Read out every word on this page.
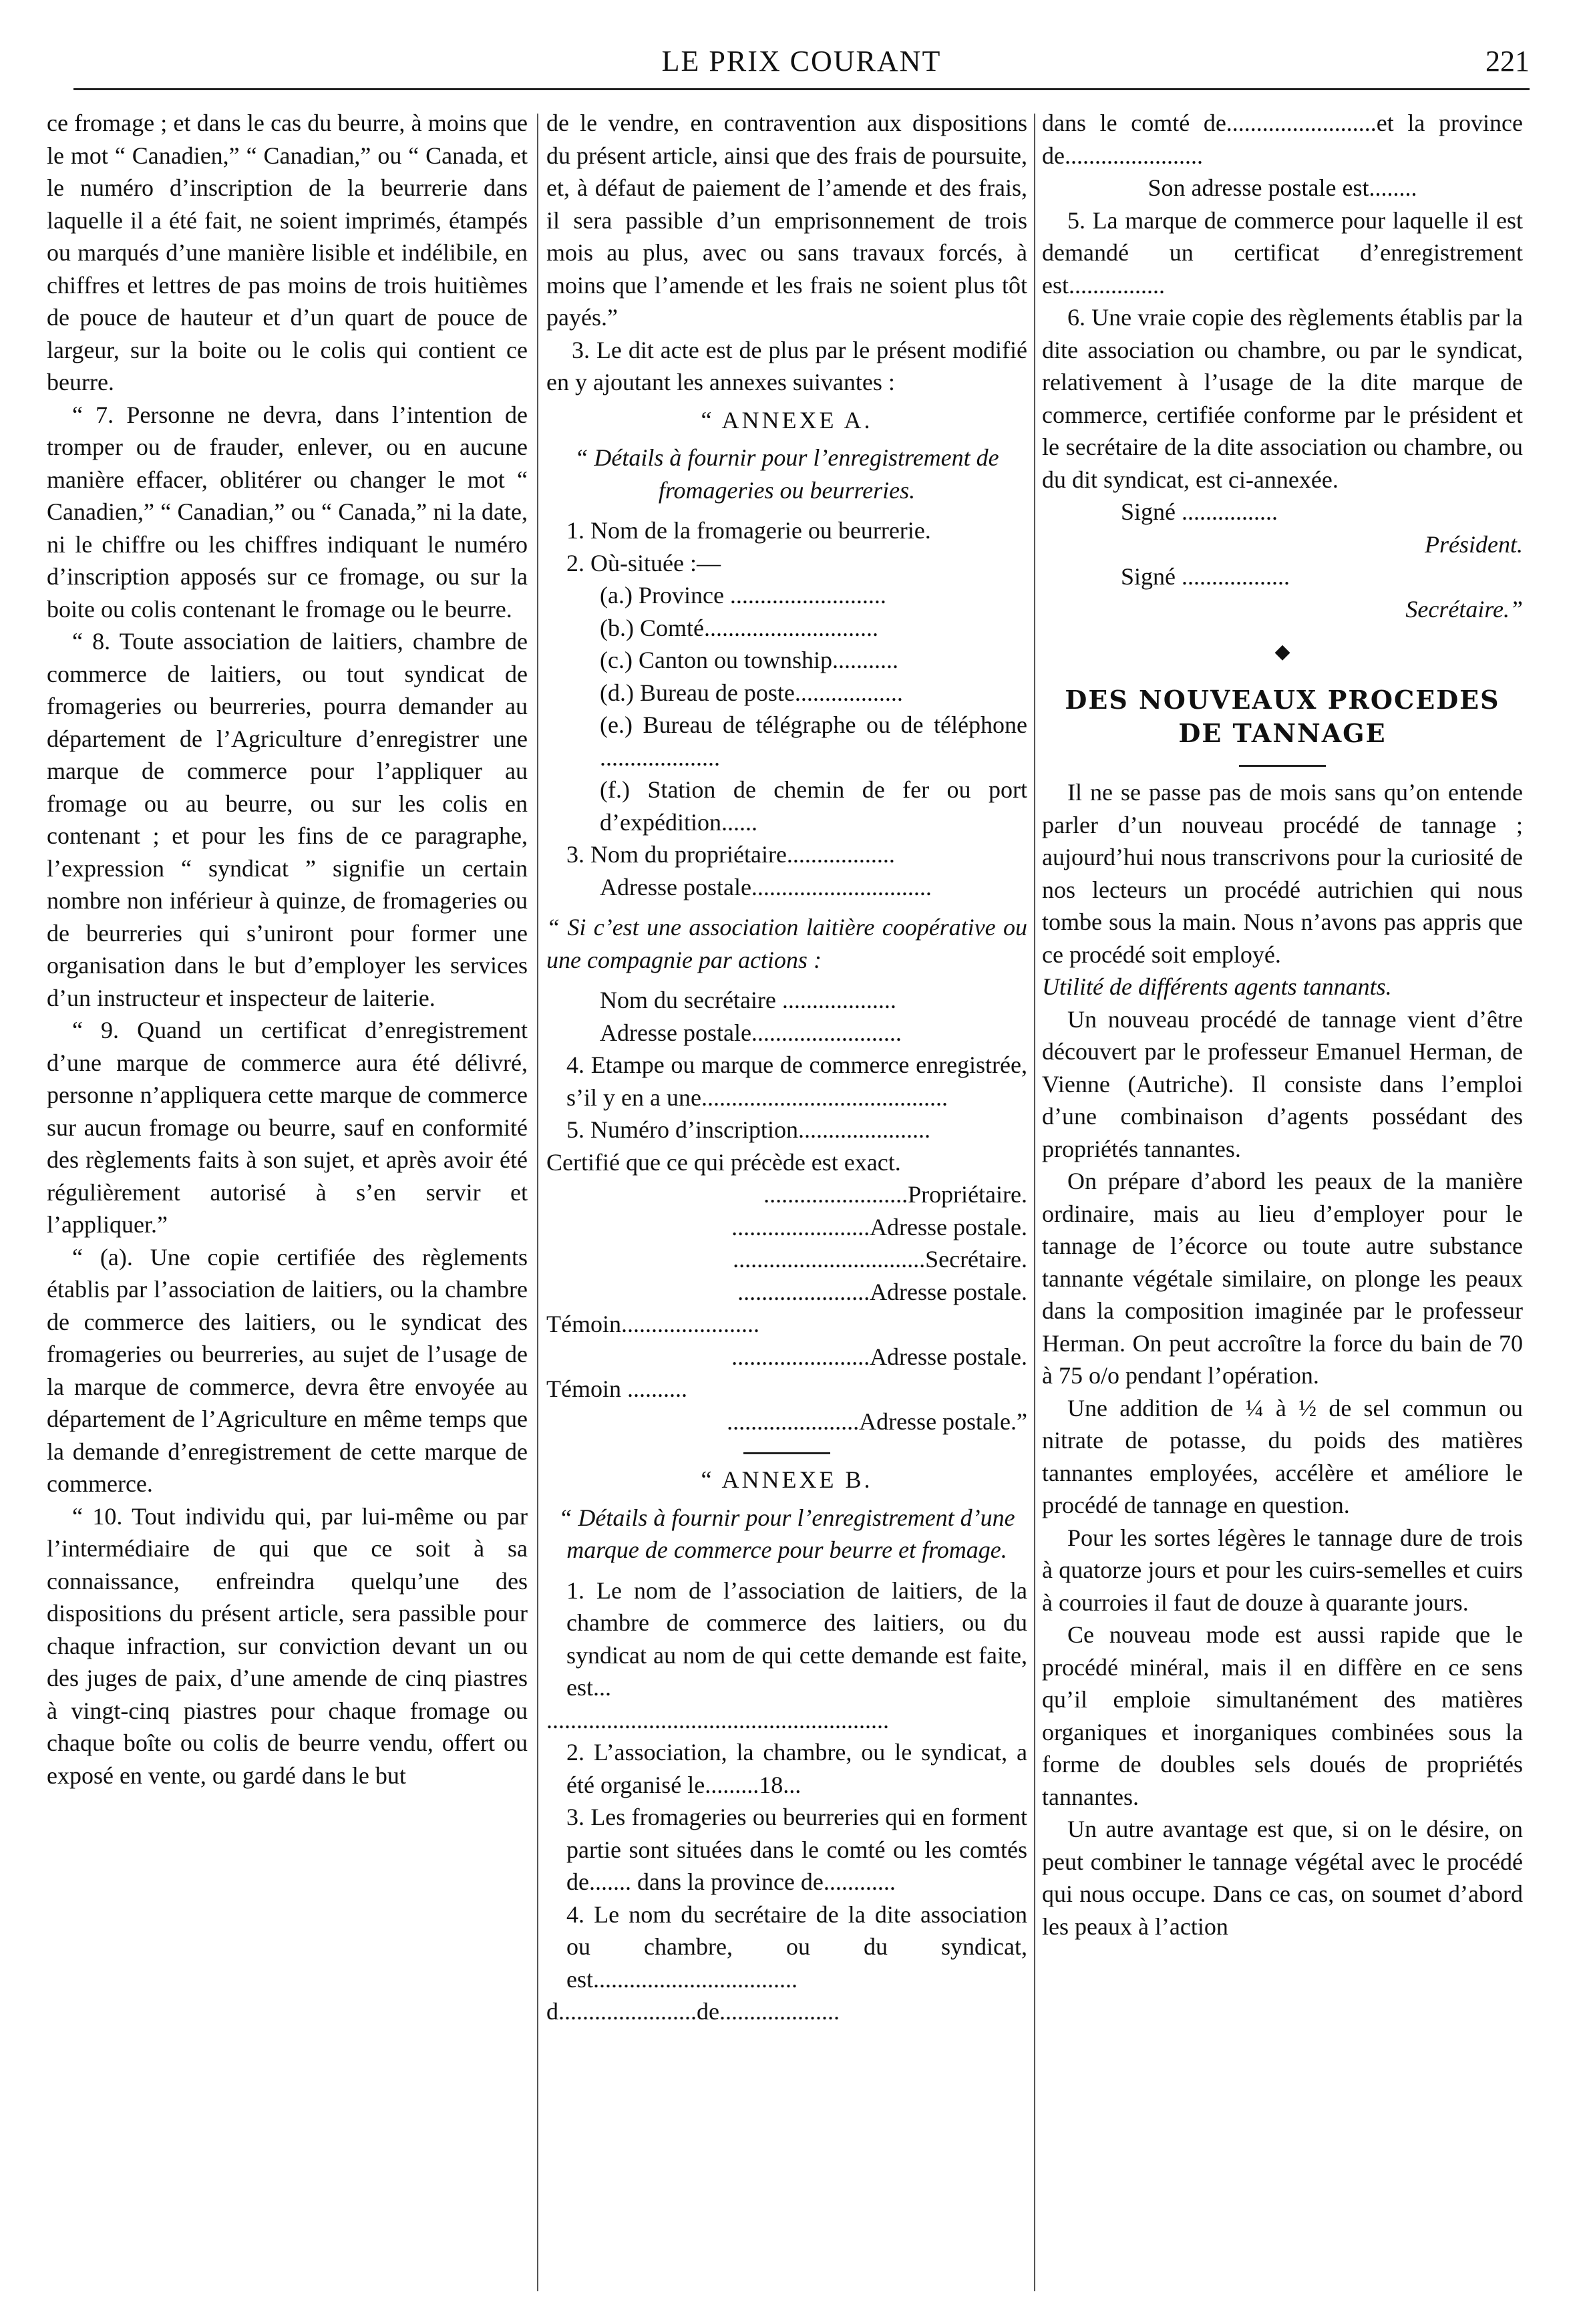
LE PRIX COURANT	221

ce fromage ; et dans le cas du beurre, à moins que le mot “ Canadien,” “ Canadian,” ou “ Canada, et le numéro d’inscription de la beurrerie dans laquelle il a été fait, ne soient imprimés, étampés ou marqués d’une manière lisible et indélibile, en chiffres et lettres de pas moins de trois huitièmes de pouce de hauteur et d’un quart de pouce de largeur, sur la boite ou le colis qui contient ce beurre.

“ 7. Personne ne devra, dans l’intention de tromper ou de frauder, enlever, ou en aucune manière effacer, oblitérer ou changer le mot “ Canadien,” “ Canadian,” ou “ Canada,” ni la date, ni le chiffre ou les chiffres indiquant le numéro d’inscription apposés sur ce fromage, ou sur la boite ou colis contenant le fromage ou le beurre.

“ 8. Toute association de laitiers, chambre de commerce de laitiers, ou tout syndicat de fromageries ou beurreries, pourra demander au département de l’Agriculture d’enregistrer une marque de commerce pour l’appliquer au fromage ou au beurre, ou sur les colis en contenant ; et pour les fins de ce paragraphe, l’expression “ syndicat ” signifie un certain nombre non inférieur à quinze, de fromageries ou de beurreries qui s’uniront pour former une organisation dans le but d’employer les services d’un instructeur et inspecteur de laiterie.

“ 9. Quand un certificat d’enregistrement d’une marque de commerce aura été délivré, personne n’appliquera cette marque de commerce sur aucun fromage ou beurre, sauf en conformité des règlements faits à son sujet, et après avoir été régulièrement autorisé à s’en servir et l’appliquer.”

“ (a). Une copie certifiée des règlements établis par l’association de laitiers, ou la chambre de commerce des laitiers, ou le syndicat des fromageries ou beurreries, au sujet de l’usage de la marque de commerce, devra être envoyée au département de l’Agriculture en même temps que la demande d’enregistrement de cette marque de commerce.

“ 10. Tout individu qui, par lui-même ou par l’intermédiaire de qui que ce soit à sa connaissance, enfreindra quelqu’une des dispositions du présent article, sera passible pour chaque infraction, sur conviction devant un ou des juges de paix, d’une amende de cinq piastres à vingt-cinq piastres pour chaque fromage ou chaque boîte ou colis de beurre vendu, offert ou exposé en vente, ou gardé dans le but

de le vendre, en contravention aux dispositions du présent article, ainsi que des frais de poursuite, et, à défaut de paiement de l’amende et des frais, il sera passible d’un emprisonnement de trois mois au plus, avec ou sans travaux forcés, à moins que l’amende et les frais ne soient plus tôt payés.”

3. Le dit acte est de plus par le présent modifié en y ajoutant les annexes suivantes :

“ ANNEXE A.

“ Détails à fournir pour l’enregistrement de fromageries ou beurreries.

1. Nom de la fromagerie ou beurrerie.

2. Où-située :—

(a.) Province ..........................

(b.) Comté.............................

(c.) Canton ou township...........

(d.) Bureau de poste..................

(e.) Bureau de télégraphe ou de téléphone ....................

(f.) Station de chemin de fer ou port d’expédition......

3. Nom du propriétaire..................

Adresse postale..............................

“ Si c’est une association laitière coopérative ou une compagnie par actions :

Nom du secrétaire ...................

Adresse postale.........................

4. Etampe ou marque de commerce enregistrée, s’il y en a une.........................................

5. Numéro d’inscription......................

Certifié que ce qui précède est exact.

........................Propriétaire.

.......................Adresse postale.

................................Secrétaire.

......................Adresse postale.

Témoin.......................

.......................Adresse postale.

Témoin ..........

......................Adresse postale.”

“ ANNEXE B.

“ Détails à fournir pour l’enregistrement d’une marque de commerce pour beurre et fromage.

1. Le nom de l’association de laitiers, de la chambre de commerce des laitiers, ou du syndicat au nom de qui cette demande est faite, est...

.........................................................

2. L’association, la chambre, ou le syndicat, a été organisé le.........18...

3. Les fromageries ou beurreries qui en forment partie sont situées dans le comté ou les comtés de....... dans la province de............

4. Le nom du secrétaire de la dite association ou chambre, ou du syndicat, est..................................

d.......................de....................

dans le comté de.........................et la province de.......................

Son adresse postale est........

5. La marque de commerce pour laquelle il est demandé un certificat d’enregistrement est................

6. Une vraie copie des règlements établis par la dite association ou chambre, ou par le syndicat, relativement à l’usage de la dite marque de commerce, certifiée conforme par le président et le secrétaire de la dite association ou chambre, ou du dit syndicat, est ci-annexée.

Signé ................

Président.

Signé ..................

Secrétaire.”

◆

DES NOUVEAUX PROCEDES DE TANNAGE

Il ne se passe pas de mois sans qu’on entende parler d’un nouveau procédé de tannage ; aujourd’hui nous transcrivons pour la curiosité de nos lecteurs un procédé autrichien qui nous tombe sous la main. Nous n’avons pas appris que ce procédé soit employé.

Utilité de différents agents tannants.

Un nouveau procédé de tannage vient d’être découvert par le professeur Emanuel Herman, de Vienne (Autriche). Il consiste dans l’emploi d’une combinaison d’agents possédant des propriétés tannantes.

On prépare d’abord les peaux de la manière ordinaire, mais au lieu d’employer pour le tannage de l’écorce ou toute autre substance tannante végétale similaire, on plonge les peaux dans la composition imaginée par le professeur Herman. On peut accroître la force du bain de 70 à 75 o/o pendant l’opération.

Une addition de ¼ à ½ de sel commun ou nitrate de potasse, du poids des matières tannantes employées, accélère et améliore le procédé de tannage en question.

Pour les sortes légères le tannage dure de trois à quatorze jours et pour les cuirs-semelles et cuirs à courroies il faut de douze à quarante jours.

Ce nouveau mode est aussi rapide que le procédé minéral, mais il en diffère en ce sens qu’il emploie simultanément des matières organiques et inorganiques combinées sous la forme de doubles sels doués de propriétés tannantes.

Un autre avantage est que, si on le désire, on peut combiner le tannage végétal avec le procédé qui nous occupe. Dans ce cas, on soumet d’abord les peaux à l’action
